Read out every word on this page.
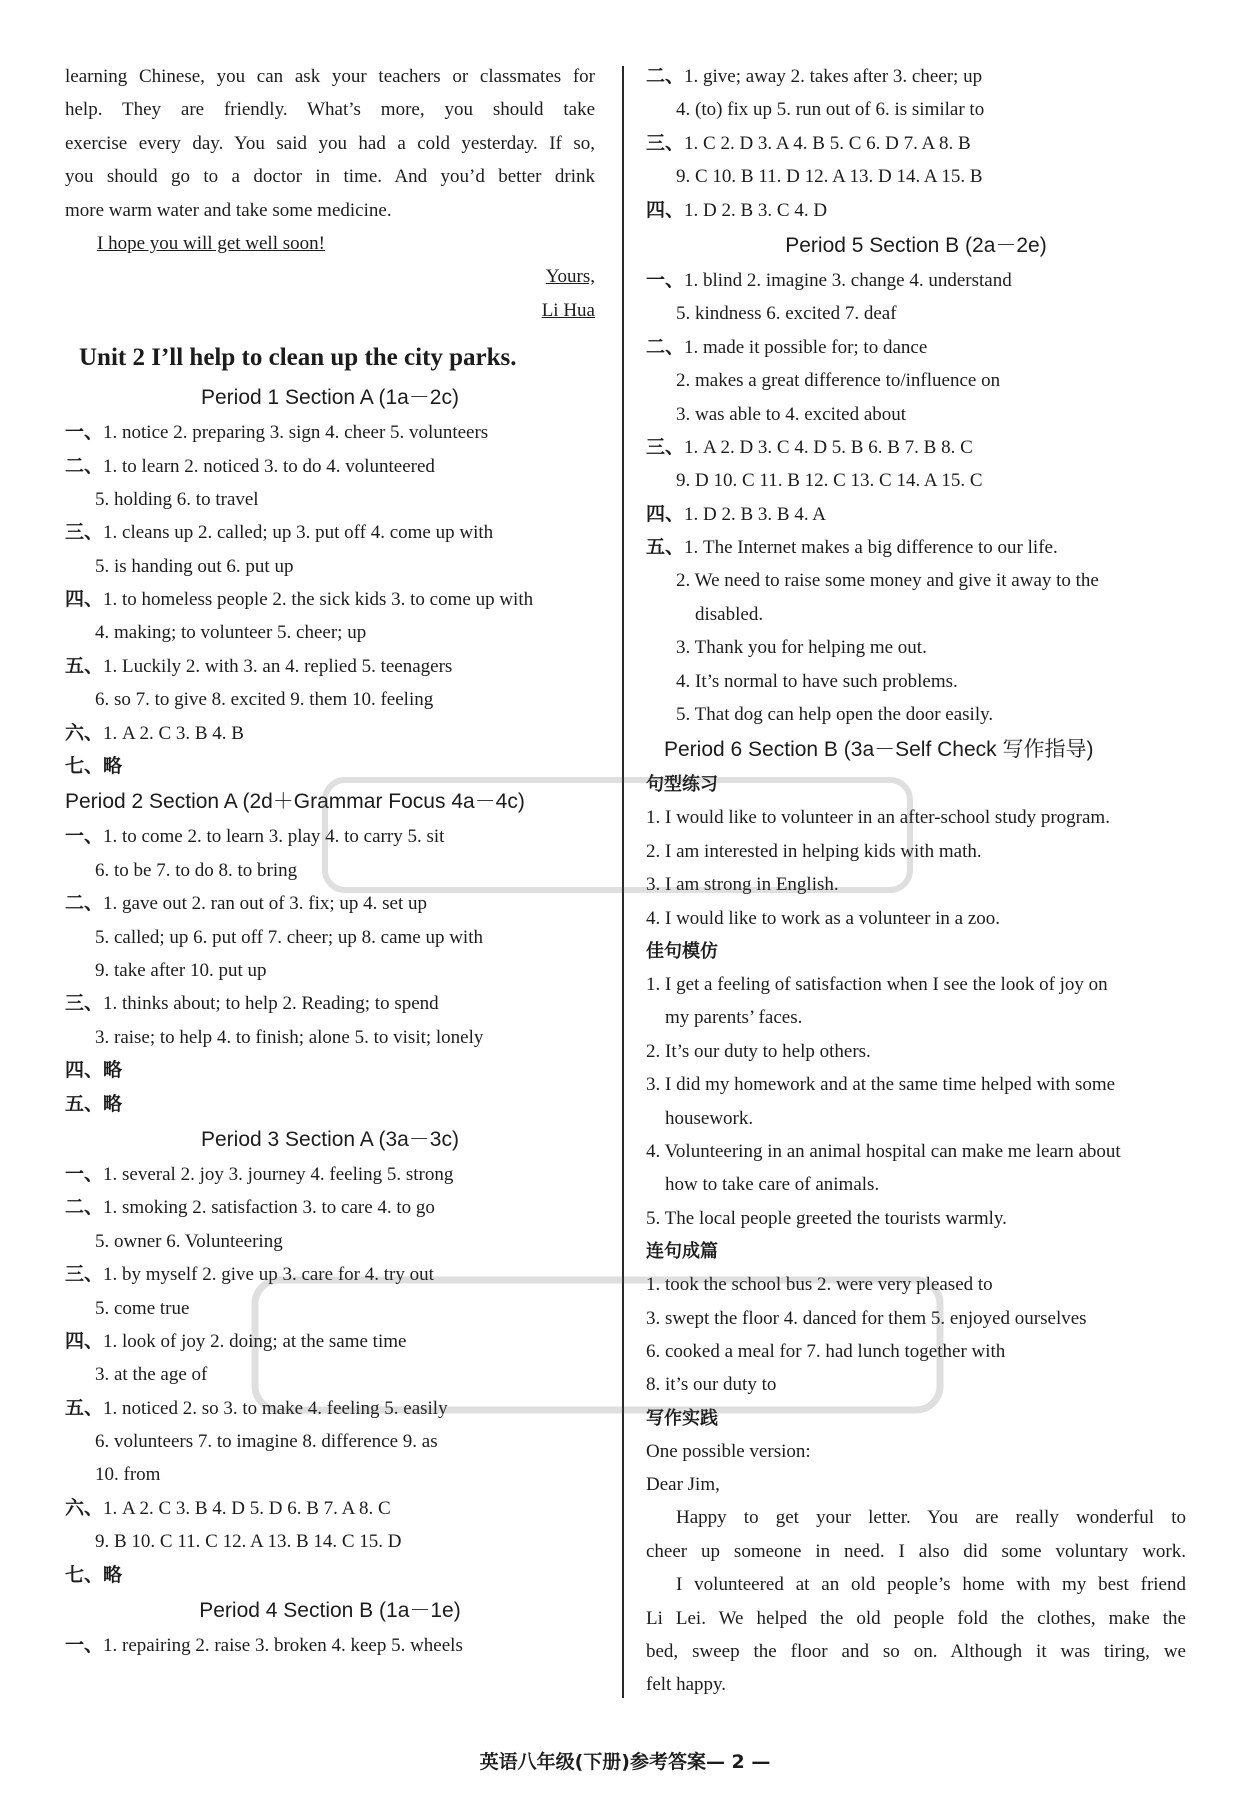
learning Chinese, you can ask your teachers or classmates for
help. They are friendly. What’s more, you should take
exercise every day. You said you had a cold yesterday. If so,
you should go to a doctor in time. And you’d better drink
more warm water and take some medicine.
I hope you will get well soon!
Yours,
Li Hua
Unit 2 I’ll help to clean up the city parks.
Period 1 Section A (1a－2c)
一、1. notice 2. preparing 3. sign 4. cheer 5. volunteers
二、1. to learn 2. noticed 3. to do 4. volunteered
5. holding 6. to travel
三、1. cleans up 2. called; up 3. put off 4. come up with
5. is handing out 6. put up
四、1. to homeless people 2. the sick kids 3. to come up with
4. making; to volunteer 5. cheer; up
五、1. Luckily 2. with 3. an 4. replied 5. teenagers
6. so 7. to give 8. excited 9. them 10. feeling
六、1. A 2. C 3. B 4. B
七、略
Period 2 Section A (2d＋Grammar Focus 4a－4c)
一、1. to come 2. to learn 3. play 4. to carry 5. sit
6. to be 7. to do 8. to bring
二、1. gave out 2. ran out of 3. fix; up 4. set up
5. called; up 6. put off 7. cheer; up 8. came up with
9. take after 10. put up
三、1. thinks about; to help 2. Reading; to spend
3. raise; to help 4. to finish; alone 5. to visit; lonely
四、略
五、略
Period 3 Section A (3a－3c)
一、1. several 2. joy 3. journey 4. feeling 5. strong
二、1. smoking 2. satisfaction 3. to care 4. to go
5. owner 6. Volunteering
三、1. by myself 2. give up 3. care for 4. try out
5. come true
四、1. look of joy 2. doing; at the same time
3. at the age of
五、1. noticed 2. so 3. to make 4. feeling 5. easily
6. volunteers 7. to imagine 8. difference 9. as
10. from
六、1. A 2. C 3. B 4. D 5. D 6. B 7. A 8. C
9. B 10. C 11. C 12. A 13. B 14. C 15. D
七、略
Period 4 Section B (1a－1e)
一、1. repairing 2. raise 3. broken 4. keep 5. wheels
二、1. give; away 2. takes after 3. cheer; up
4. (to) fix up 5. run out of 6. is similar to
三、1. C 2. D 3. A 4. B 5. C 6. D 7. A 8. B
9. C 10. B 11. D 12. A 13. D 14. A 15. B
四、1. D 2. B 3. C 4. D
Period 5 Section B (2a－2e)
一、1. blind 2. imagine 3. change 4. understand
5. kindness 6. excited 7. deaf
二、1. made it possible for; to dance
2. makes a great difference to/influence on
3. was able to 4. excited about
三、1. A 2. D 3. C 4. D 5. B 6. B 7. B 8. C
9. D 10. C 11. B 12. C 13. C 14. A 15. C
四、1. D 2. B 3. B 4. A
五、1. The Internet makes a big difference to our life.
2. We need to raise some money and give it away to the
disabled.
3. Thank you for helping me out.
4. It’s normal to have such problems.
5. That dog can help open the door easily.
Period 6 Section B (3a－Self Check 写作指导)
句型练习
1. I would like to volunteer in an after-school study program.
2. I am interested in helping kids with math.
3. I am strong in English.
4. I would like to work as a volunteer in a zoo.
佳句模仿
1. I get a feeling of satisfaction when I see the look of joy on
my parents’ faces.
2. It’s our duty to help others.
3. I did my homework and at the same time helped with some
housework.
4. Volunteering in an animal hospital can make me learn about
how to take care of animals.
5. The local people greeted the tourists warmly.
连句成篇
1. took the school bus 2. were very pleased to
3. swept the floor 4. danced for them 5. enjoyed ourselves
6. cooked a meal for 7. had lunch together with
8. it’s our duty to
写作实践
One possible version:
Dear Jim,
Happy to get your letter. You are really wonderful to
cheer up someone in need. I also did some voluntary work.
I volunteered at an old people’s home with my best friend
Li Lei. We helped the old people fold the clothes, make the
bed, sweep the floor and so on. Although it was tiring, we
felt happy.
英语八年级(下册)参考答案— 2 —
